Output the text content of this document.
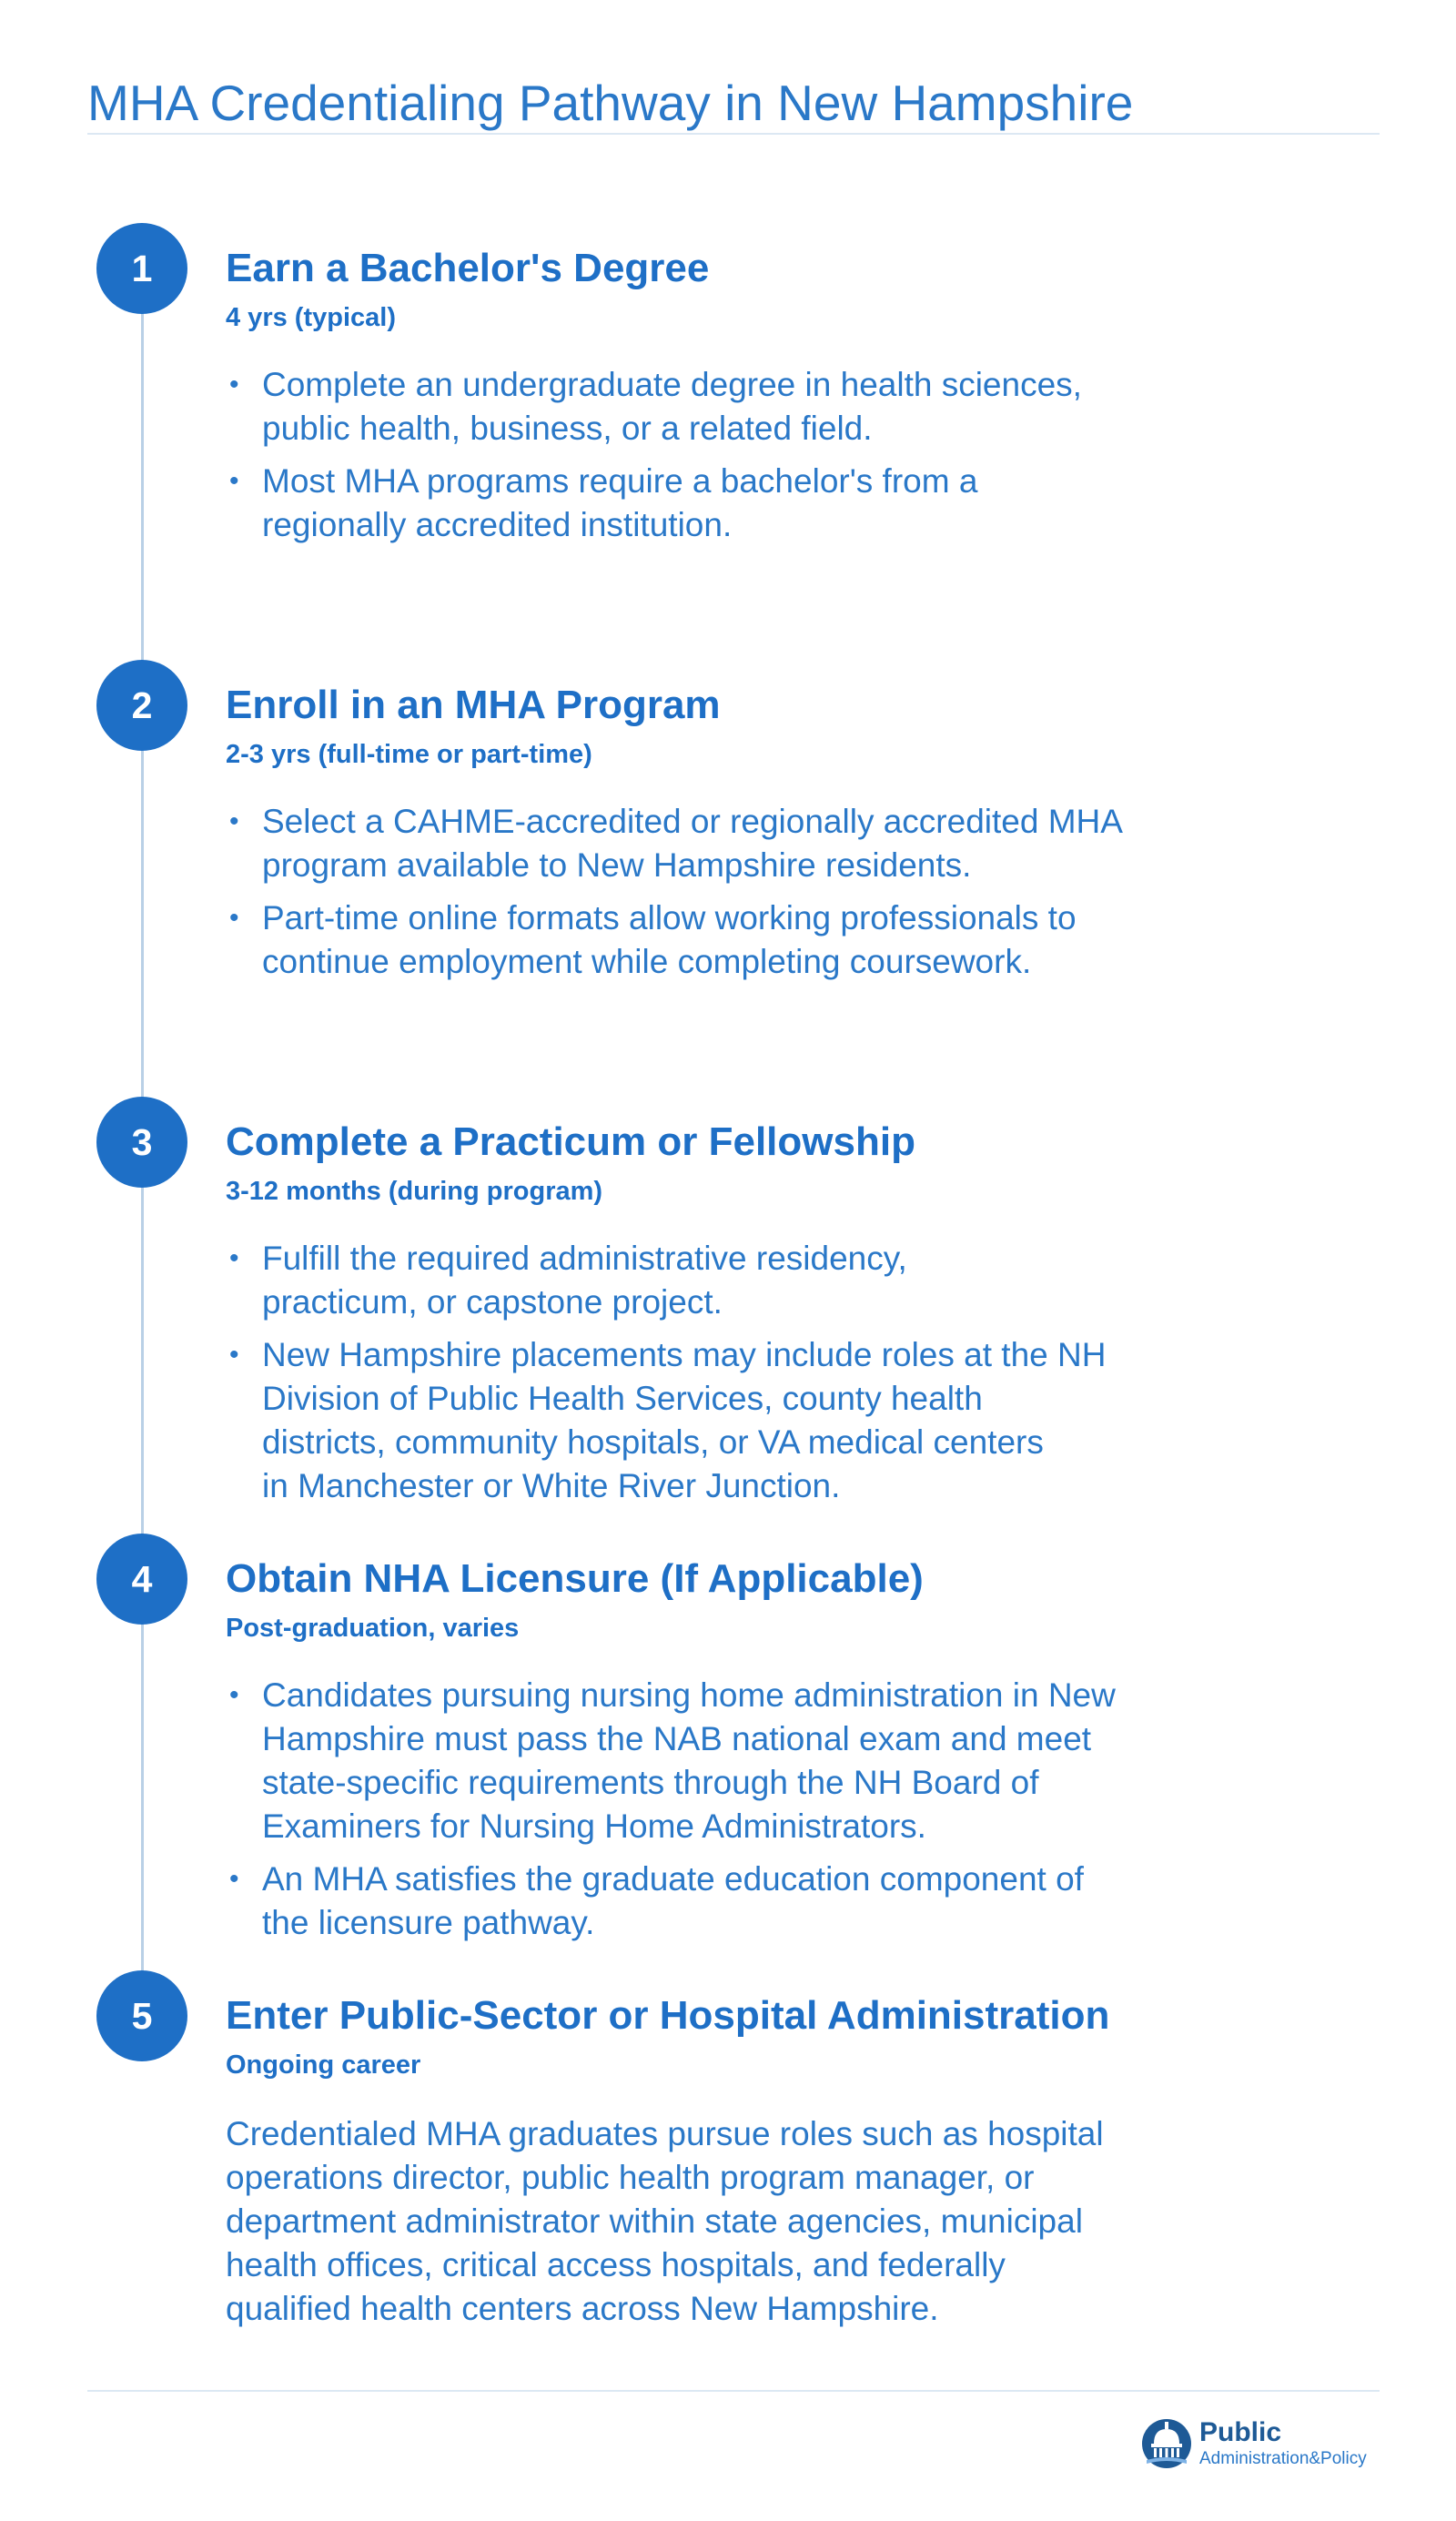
MHA Credentialing Pathway in New Hampshire
1	Earn a Bachelor's Degree

4 yrs (typical)

• Complete an undergraduate degree in health sciences,
public health, business, or a related field.
• Most MHA programs require a bachelor's from a
regionally accredited institution.
2	Enroll in an MHA Program

2-3 yrs (full-time or part-time)

• Select a CAHME-accredited or regionally accredited MHA
program available to New Hampshire residents.
• Part-time online formats allow working professionals to
continue employment while completing coursework.
3	Complete a Practicum or Fellowship

3-12 months (during program)

• Fulfill the required administrative residency,
practicum, or capstone project.
• New Hampshire placements may include roles at the NH
Division of Public Health Services, county health
districts, community hospitals, or VA medical centers
in Manchester or White River Junction.
4	Obtain NHA Licensure (If Applicable)

Post-graduation, varies

• Candidates pursuing nursing home administration in New
Hampshire must pass the NAB national exam and meet
state-specific requirements through the NH Board of
Examiners for Nursing Home Administrators.
• An MHA satisfies the graduate education component of
the licensure pathway.
5	Enter Public-Sector or Hospital Administration

Ongoing career

Credentialed MHA graduates pursue roles such as hospital
operations director, public health program manager, or
department administrator within state agencies, municipal
health offices, critical access hospitals, and federally
qualified health centers across New Hampshire.

Public
Administration&Policy
